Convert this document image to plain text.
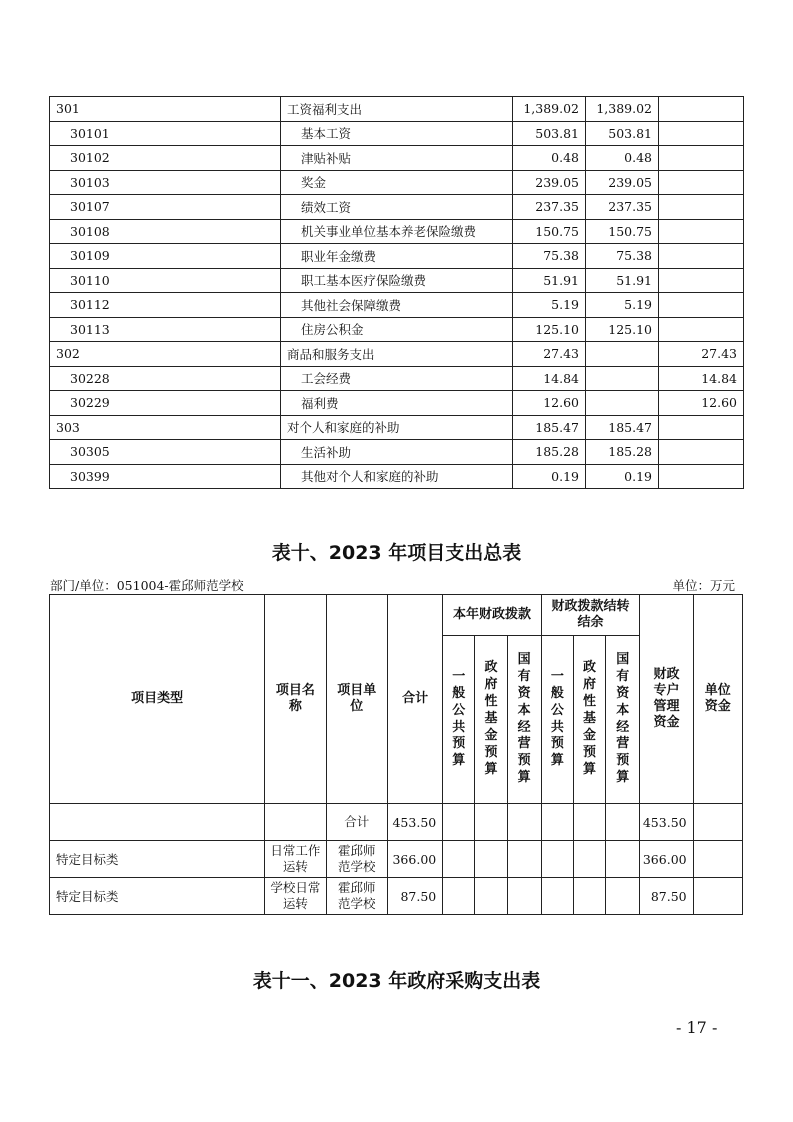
301	工资福利支出	1,389.02	1,389.02	
30101	基本工资	503.81	503.81	
30102	津贴补贴	0.48	0.48	
30103	奖金	239.05	239.05	
30107	绩效工资	237.35	237.35	
30108	机关事业单位基本养老保险缴费	150.75	150.75	
30109	职业年金缴费	75.38	75.38	
30110	职工基本医疗保险缴费	51.91	51.91	
30112	其他社会保障缴费	5.19	5.19	
30113	住房公积金	125.10	125.10	
302	商品和服务支出	27.43		27.43
30228	工会经费	14.84		14.84
30229	福利费	12.60		12.60
303	对个人和家庭的补助	185.47	185.47	
30305	生活补助	185.28	185.28	
30399	其他对个人和家庭的补助	0.19	0.19	
表十、2023 年项目支出总表
部门/单位：051004-霍邱师范学校	单位：万元
项目类型	项目名称	项目单位	合计	本年财政拨款			财政拨款结转结余			财政专户管理资金	单位资金
				一般公共预算	政府性基金预算	国有资本经营预算	一般公共预算	政府性基金预算	国有资本经营预算		
		合计	453.50							453.50	
特定目标类	日常工作运转	霍邱师范学校	366.00							366.00	
特定目标类	学校日常运转	霍邱师范学校	87.50							87.50	
表十一、2023 年政府采购支出表
- 17 -
